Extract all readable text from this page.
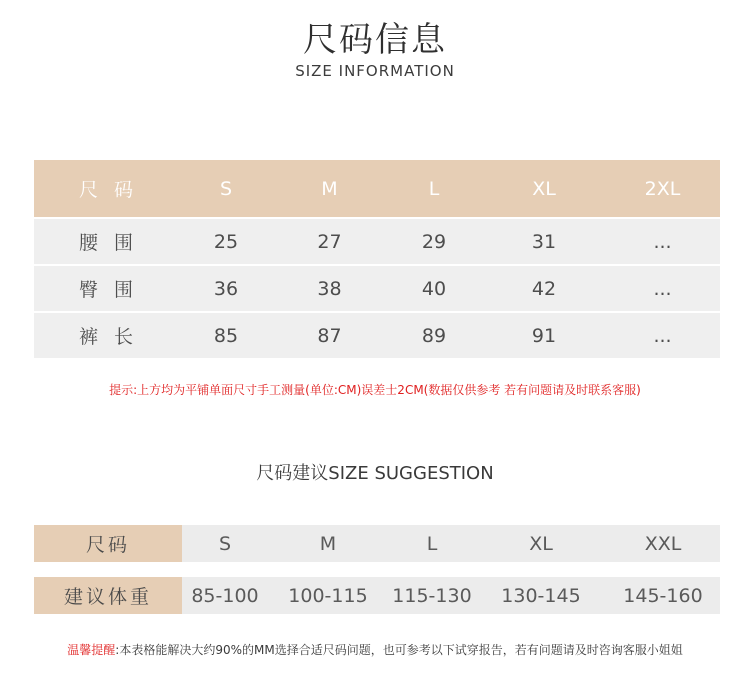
尺码信息
SIZE INFORMATION
尺码	S	M	L	XL	2XL
腰围	25	27	29	31	...
臀围	36	38	40	42	...
裤长	85	87	89	91	...
提示:上方均为平铺单面尺寸手工测量(单位:CM)误差士2CM(数据仅供参考 若有问题请及时联系客服)
尺码建议SIZE SUGGESTION
尺码	S	M	L	XL	XXL
建议体重	85-100	100-115	115-130	130-145	145-160
温馨提醒:本表格能解决大约90%的MM选择合适尺码问题，也可参考以下试穿报告，若有问题请及时咨询客服小姐姐
